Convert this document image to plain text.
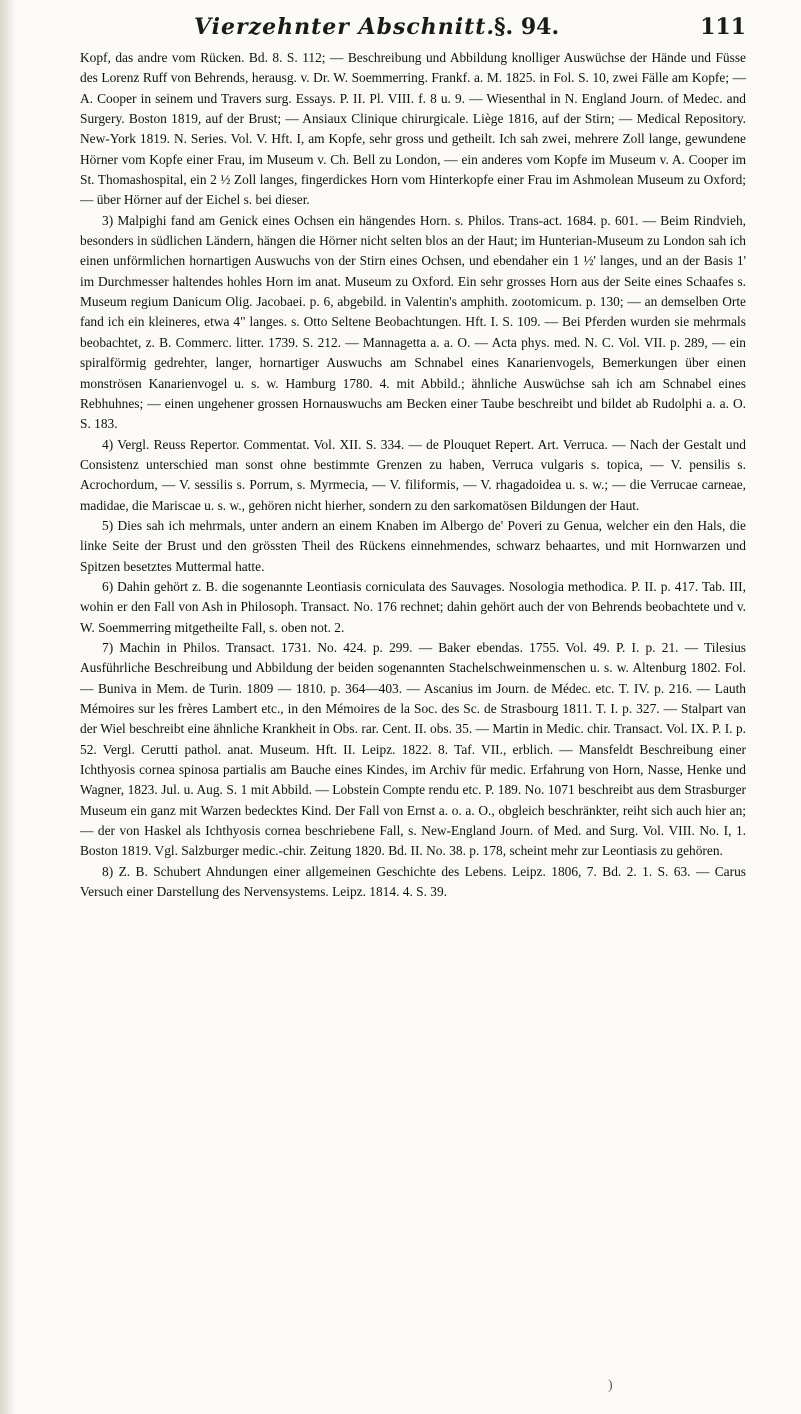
Vierzehnter Abschnitt.
§. 94.	111

Kopf, das andre vom Rücken. Bd. 8. S. 112; — Beschreibung und Abbildung knolliger Auswüchse der Hände und Füsse des Lorenz Ruff von Behrends, herausg. v. Dr. W. Soemmerring. Frankf. a. M. 1825. in Fol. S. 10, zwei Fälle am Kopfe; — A. Cooper in seinem und Travers surg. Essays. P. II. Pl. VIII. f. 8 u. 9. — Wiesenthal in N. England Journ. of Medec. and Surgery. Boston 1819, auf der Brust; — Ansiaux Clinique chirurgicale. Liège 1816, auf der Stirn; — Medical Repository. New-York 1819. N. Series. Vol. V. Hft. I, am Kopfe, sehr gross und getheilt. Ich sah zwei, mehrere Zoll lange, gewundene Hörner vom Kopfe einer Frau, im Museum v. Ch. Bell zu London, — ein anderes vom Kopfe im Museum v. A. Cooper im St. Thomashospital, ein 2 ½ Zoll langes, fingerdickes Horn vom Hinterkopfe einer Frau im Ashmolean Museum zu Oxford; — über Hörner auf der Eichel s. bei dieser.

3) Malpighi fand am Genick eines Ochsen ein hängendes Horn. s. Philos. Trans-act. 1684. p. 601. — Beim Rindvieh, besonders in südlichen Ländern, hängen die Hörner nicht selten blos an der Haut; im Hunterian-Museum zu London sah ich einen unförmlichen hornartigen Auswuchs von der Stirn eines Ochsen, und ebendaher ein 1 ½' langes, und an der Basis 1' im Durchmesser haltendes hohles Horn im anat. Museum zu Oxford. Ein sehr grosses Horn aus der Seite eines Schaafes s. Museum regium Danicum Olig. Jacobaei. p. 6, abgebild. in Valentin's amphith. zootomicum. p. 130; — an demselben Orte fand ich ein kleineres, etwa 4" langes. s. Otto Seltene Beobachtungen. Hft. I. S. 109. — Bei Pferden wurden sie mehrmals beobachtet, z. B. Commerc. litter. 1739. S. 212. — Mannagetta a. a. O. — Acta phys. med. N. C. Vol. VII. p. 289, — ein spiralförmig gedrehter, langer, hornartiger Auswuchs am Schnabel eines Kanarienvogels, Bemerkungen über einen monströsen Kanarienvogel u. s. w. Hamburg 1780. 4. mit Abbild.; ähnliche Auswüchse sah ich am Schnabel eines Rebhuhnes; — einen ungehener grossen Hornauswuchs am Becken einer Taube beschreibt und bildet ab Rudolphi a. a. O. S. 183.

4) Vergl. Reuss Repertor. Commentat. Vol. XII. S. 334. — de Plouquet Repert. Art. Verruca. — Nach der Gestalt und Consistenz unterschied man sonst ohne bestimmte Grenzen zu haben, Verruca vulgaris s. topica, — V. pensilis s. Acrochordum, — V. sessilis s. Porrum, s. Myrmecia, — V. filiformis, — V. rhagadoidea u. s. w.; — die Verrucae carneae, madidae, die Mariscae u. s. w., gehören nicht hierher, sondern zu den sarkomatösen Bildungen der Haut.

5) Dies sah ich mehrmals, unter andern an einem Knaben im Albergo de' Poveri zu Genua, welcher ein den Hals, die linke Seite der Brust und den grössten Theil des Rückens einnehmendes, schwarz behaartes, und mit Hornwarzen und Spitzen besetztes Muttermal hatte.

6) Dahin gehört z. B. die sogenannte Leontiasis corniculata des Sauvages. Nosologia methodica. P. II. p. 417. Tab. III, wohin er den Fall von Ash in Philosoph. Transact. No. 176 rechnet; dahin gehört auch der von Behrends beobachtete und v. W. Soemmerring mitgetheilte Fall, s. oben not. 2.

7) Machin in Philos. Transact. 1731. No. 424. p. 299. — Baker ebendas. 1755. Vol. 49. P. I. p. 21. — Tilesius Ausführliche Beschreibung und Abbildung der beiden sogenannten Stachelschweinmenschen u. s. w. Altenburg 1802. Fol. — Buniva in Mem. de Turin. 1809 — 1810. p. 364—403. — Ascanius im Journ. de Médec. etc. T. IV. p. 216. — Lauth Mémoires sur les frères Lambert etc., in den Mémoires de la Soc. des Sc. de Strasbourg 1811. T. I. p. 327. — Stalpart van der Wiel beschreibt eine ähnliche Krankheit in Obs. rar. Cent. II. obs. 35. — Martin in Medic. chir. Transact. Vol. IX. P. I. p. 52. Vergl. Cerutti pathol. anat. Museum. Hft. II. Leipz. 1822. 8. Taf. VII., erblich. — Mansfeldt Beschreibung einer Ichthyosis cornea spinosa partialis am Bauche eines Kindes, im Archiv für medic. Erfahrung von Horn, Nasse, Henke und Wagner, 1823. Jul. u. Aug. S. 1 mit Abbild. — Lobstein Compte rendu etc. P. 189. No. 1071 beschreibt aus dem Strasburger Museum ein ganz mit Warzen bedecktes Kind. Der Fall von Ernst a. o. a. O., obgleich beschränkter, reiht sich auch hier an; — der von Haskel als Ichthyosis cornea beschriebene Fall, s. New-England Journ. of Med. and Surg. Vol. VIII. No. I, 1. Boston 1819. Vgl. Salzburger medic.-chir. Zeitung 1820. Bd. II. No. 38. p. 178, scheint mehr zur Leontiasis zu gehören.

8) Z. B. Schubert Ahndungen einer allgemeinen Geschichte des Lebens. Leipz. 1806, 7. Bd. 2. 1. S. 63. — Carus Versuch einer Darstellung des Nervensystems. Leipz. 1814. 4. S. 39.

)
